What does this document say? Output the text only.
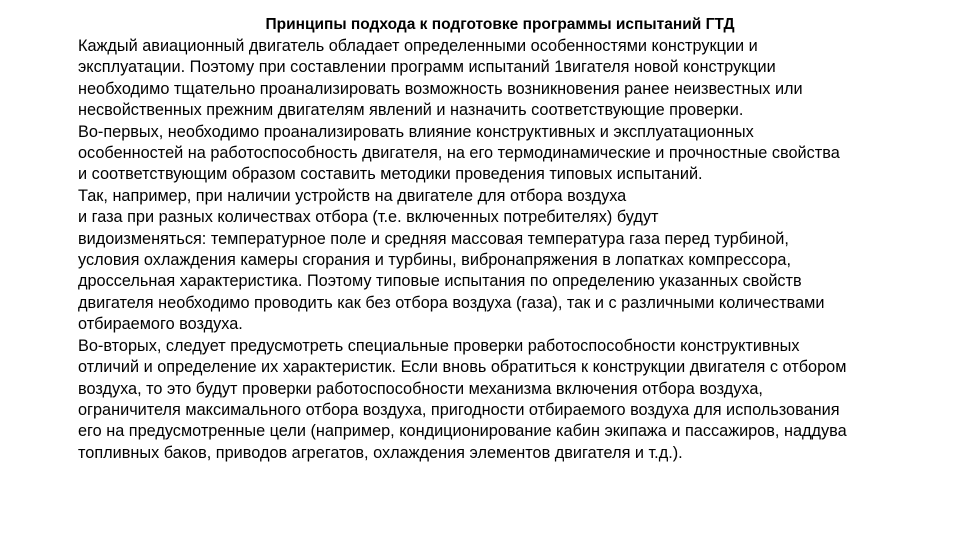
Принципы подхода к подготовке программы испытаний ГТД
Каждый авиационный двигатель обладает определенными особенностями конструкции и
эксплуатации. Поэтому при составлении программ испытаний 1вигателя новой конструкции
необходимо тщательно проанализировать возможность возникновения ранее неизвестных или
несвойственных прежним двигателям явлений и назначить соответствующие проверки.
Во-первых, необходимо проанализировать влияние конструктивных и эксплуатационных
особенностей на работоспособность двигателя, на его термодинамические и прочностные свойства
и соответствующим образом составить методики проведения типовых испытаний.
Так, например, при наличии устройств на двигателе для отбора воздуха
и газа при разных количествах отбора (т.е. включенных потребителях) будут
видоизменяться: температурное поле и средняя массовая температура газа перед турбиной,
условия охлаждения камеры сгорания и турбины, вибронапряжения в лопатках компрессора,
дроссельная характеристика. Поэтому типовые испытания по определению указанных свойств
двигателя необходимо проводить как без отбора воздуха (газа), так и с различными количествами
отбираемого воздуха.
Во-вторых, следует предусмотреть специальные проверки работоспособности конструктивных
отличий и определение их характеристик. Если вновь обратиться к конструкции двигателя с отбором
воздуха, то это будут проверки работоспособности механизма включения отбора воздуха,
ограничителя максимального отбора воздуха, пригодности отбираемого воздуха для использования
его на предусмотренные цели (например, кондиционирование кабин экипажа и пассажиров, наддува
топливных баков, приводов агрегатов, охлаждения элементов двигателя и т.д.).
